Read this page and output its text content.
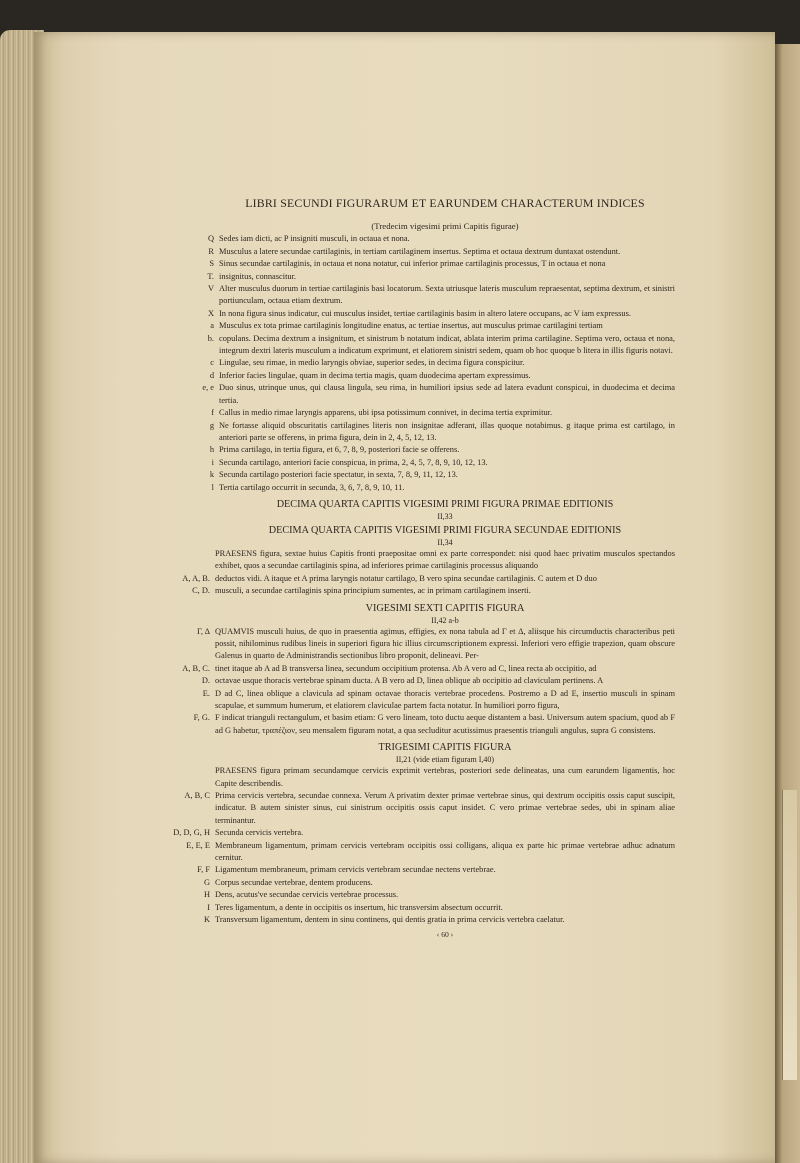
LIBRI SECUNDI FIGURARUM ET EARUNDEM CHARACTERUM INDICES
(Tredecim vigesimi primi Capitis figurae)
Q Sedes iam dicti, ac P insigniti musculi, in octaua et nona.
R Musculus a latere secundae cartilaginis, in tertiam cartilaginem insertus. Septima et octaua dextrum duntaxat ostendunt.
S Sinus secundae cartilaginis, in octaua et nona notatur, cui inferior primae cartilaginis processus, T in octaua et nona
T. insignitus, connascitur.
V Alter musculus duorum in tertiae cartilaginis basi locatorum. Sexta utriusque lateris musculum repraesentat, septima dextrum, et sinistri portiunculam, octaua etiam dextrum.
X In nona figura sinus indicatur, cui musculus insidet, tertiae cartilaginis basim in altero latere occupans, ac V iam expressus.
a Musculus ex tota primae cartilaginis longitudine enatus, ac tertiae insertus, aut musculus primae cartilagini tertiam
b. copulans. Decima dextrum a insignitum, et sinistrum b notatum indicat, ablata interim prima cartilagine. Septima vero, octaua et nona, integrum dextri lateris musculum a indicatum exprimunt, et elatiorem sinistri sedem, quam ob hoc quoque b litera in illis figuris notavi.
c Lingulae, seu rimae, in medio laryngis obviae, superior sedes, in decima figura conspicitur.
d Inferior facies lingulae, quam in decima tertia magis, quam duodecima apertam expressimus.
e, e Duo sinus, utrinque unus, qui clausa lingula, seu rima, in humiliori ipsius sede ad latera evadunt conspicui, in duodecima et decima tertia.
f Callus in medio rimae laryngis apparens, ubi ipsa potissimum connivet, in decima tertia exprimitur.
g Ne fortasse aliquid obscuritatis cartilagines literis non insignitae adferant, illas quoque notabimus. g itaque prima est cartilago, in anteriori parte se offerens, in prima figura, dein in 2, 4, 5, 12, 13.
h Prima cartilago, in tertia figura, et 6, 7, 8, 9, posteriori facie se offerens.
i Secunda cartilago, anteriori facie conspicua, in prima, 2, 4, 5, 7, 8, 9, 10, 12, 13.
k Secunda cartilago posteriori facie spectatur, in sexta, 7, 8, 9, 11, 12, 13.
l Tertia cartilago occurrit in secunda, 3, 6, 7, 8, 9, 10, 11.
DECIMA QUARTA CAPITIS VIGESIMI PRIMI FIGURA PRIMAE EDITIONIS
II,33
DECIMA QUARTA CAPITIS VIGESIMI PRIMI FIGURA SECUNDAE EDITIONIS
II,34
PRAESENS figura, sextae huius Capitis fronti praepositae omni ex parte correspondet: nisi quod haec privatim musculos spectandos exhibet, quos a secundae cartilaginis spina, ad inferiores primae cartilaginis processus aliquando
A, A, B. deductos vidi. A itaque et A prima laryngis notatur cartilago, B vero spina secundae cartilaginis. C autem et D duo
C, D. musculi, a secundae cartilaginis spina principium sumentes, ac in primam cartilaginem inserti.
VIGESIMI SEXTI CAPITIS FIGURA
II,42 a-b
Γ, Δ QUAMVIS musculi huius, de quo in praesentia agimus, effigies, ex nona tabula ad Γ et Δ, aliisque his circumductis characteribus peti possit, nihilominus rudibus lineis in superiori figura hic illius circumscriptionem expressi. Inferiori vero effigie trapezion, quam obscure Galenus in quarto de Administrandis sectionibus libro proponit, delineavi. Per-
A, B, C. tinet itaque ab A ad B transversa linea, secundum occipitium protensa. Ab A vero ad C, linea recta ab occipitio, ad
D. octavae usque thoracis vertebrae spinam ducta. A B vero ad D, linea oblique ab occipitio ad claviculam pertinens. A
E. D ad C, linea oblique a clavicula ad spinam octavae thoracis vertebrae procedens. Postremo a D ad E, insertio musculi in spinam scapulae, et summum humerum, et elatiorem claviculae partem facta notatur. In humiliori porro figura,
F, G. F indicat trianguli rectangulum, et basim etiam: G vero lineam, toto ductu aeque distantem a basi. Universum autem spacium, quod ab F ad G habetur, τραπέζιον, seu mensalem figuram notat, a qua secluditur acutissimus praesentis trianguli angulus, supra G consistens.
TRIGESIMI CAPITIS FIGURA
II,21 (vide etiam figuram I,40)
PRAESENS figura primam secundamque cervicis exprimit vertebras, posteriori sede delineatas, una cum earundem ligamentis, hoc Capite describendis.
A, B, C Prima cervicis vertebra, secundae connexa. Verum A privatim dexter primae vertebrae sinus, qui dextrum occipitis ossis caput suscipit, indicatur. B autem sinister sinus, cui sinistrum occipitis ossis caput insidet. C vero primae vertebrae sedes, ubi in spinam aliae terminantur.
D, D, G, H Secunda cervicis vertebra.
E, E, E Membraneum ligamentum, primam cervicis vertebram occipitis ossi colligans, aliqua ex parte hic primae vertebrae adhuc adnatum cernitur.
F, F Ligamentum membraneum, primam cervicis vertebram secundae nectens vertebrae.
G Corpus secundae vertebrae, dentem producens.
H Dens, acutus've secundae cervicis vertebrae processus.
I Teres ligamentum, a dente in occipitis os insertum, hic transversim absectum occurrit.
K Transversum ligamentum, dentem in sinu continens, qui dentis gratia in prima cervicis vertebra caelatur.
‹ 60 ›
